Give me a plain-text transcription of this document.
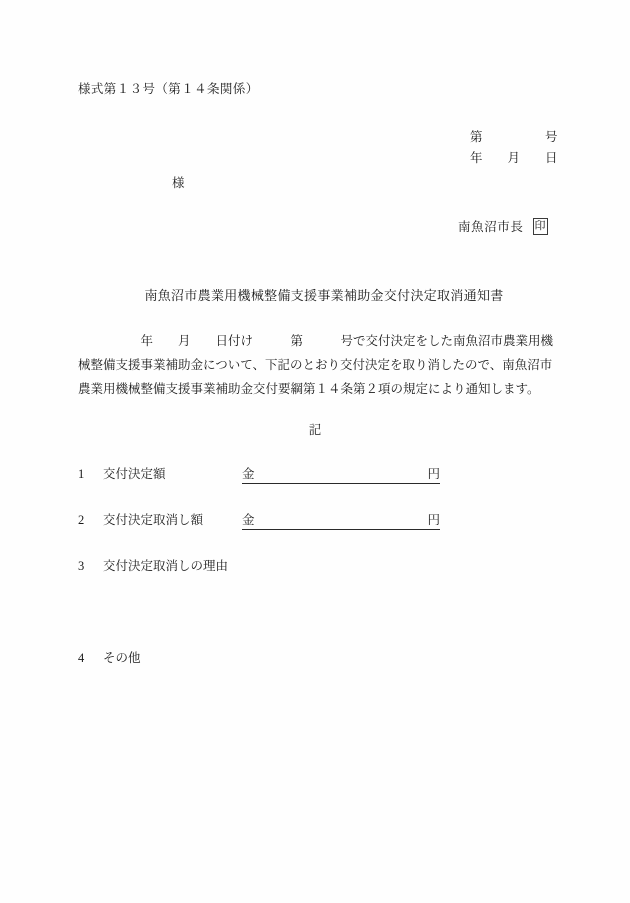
様式第１３号（第１４条関係）
第　　　　　号
年　　月　　日
様
南魚沼市長 印
南魚沼市農業用機械整備支援事業補助金交付決定取消通知書
　　　　　年　　月　　日付け　　　第　　　号で交付決定をした南魚沼市農業用機
械整備支援事業補助金について、下記のとおり交付決定を取り消したので、南魚沼市
農業用機械整備支援事業補助金交付要綱第１４条第２項の規定により通知します。
記
1	交付決定額	金	円
2	交付決定取消し額	金	円
3	交付決定取消しの理由
4	その他
